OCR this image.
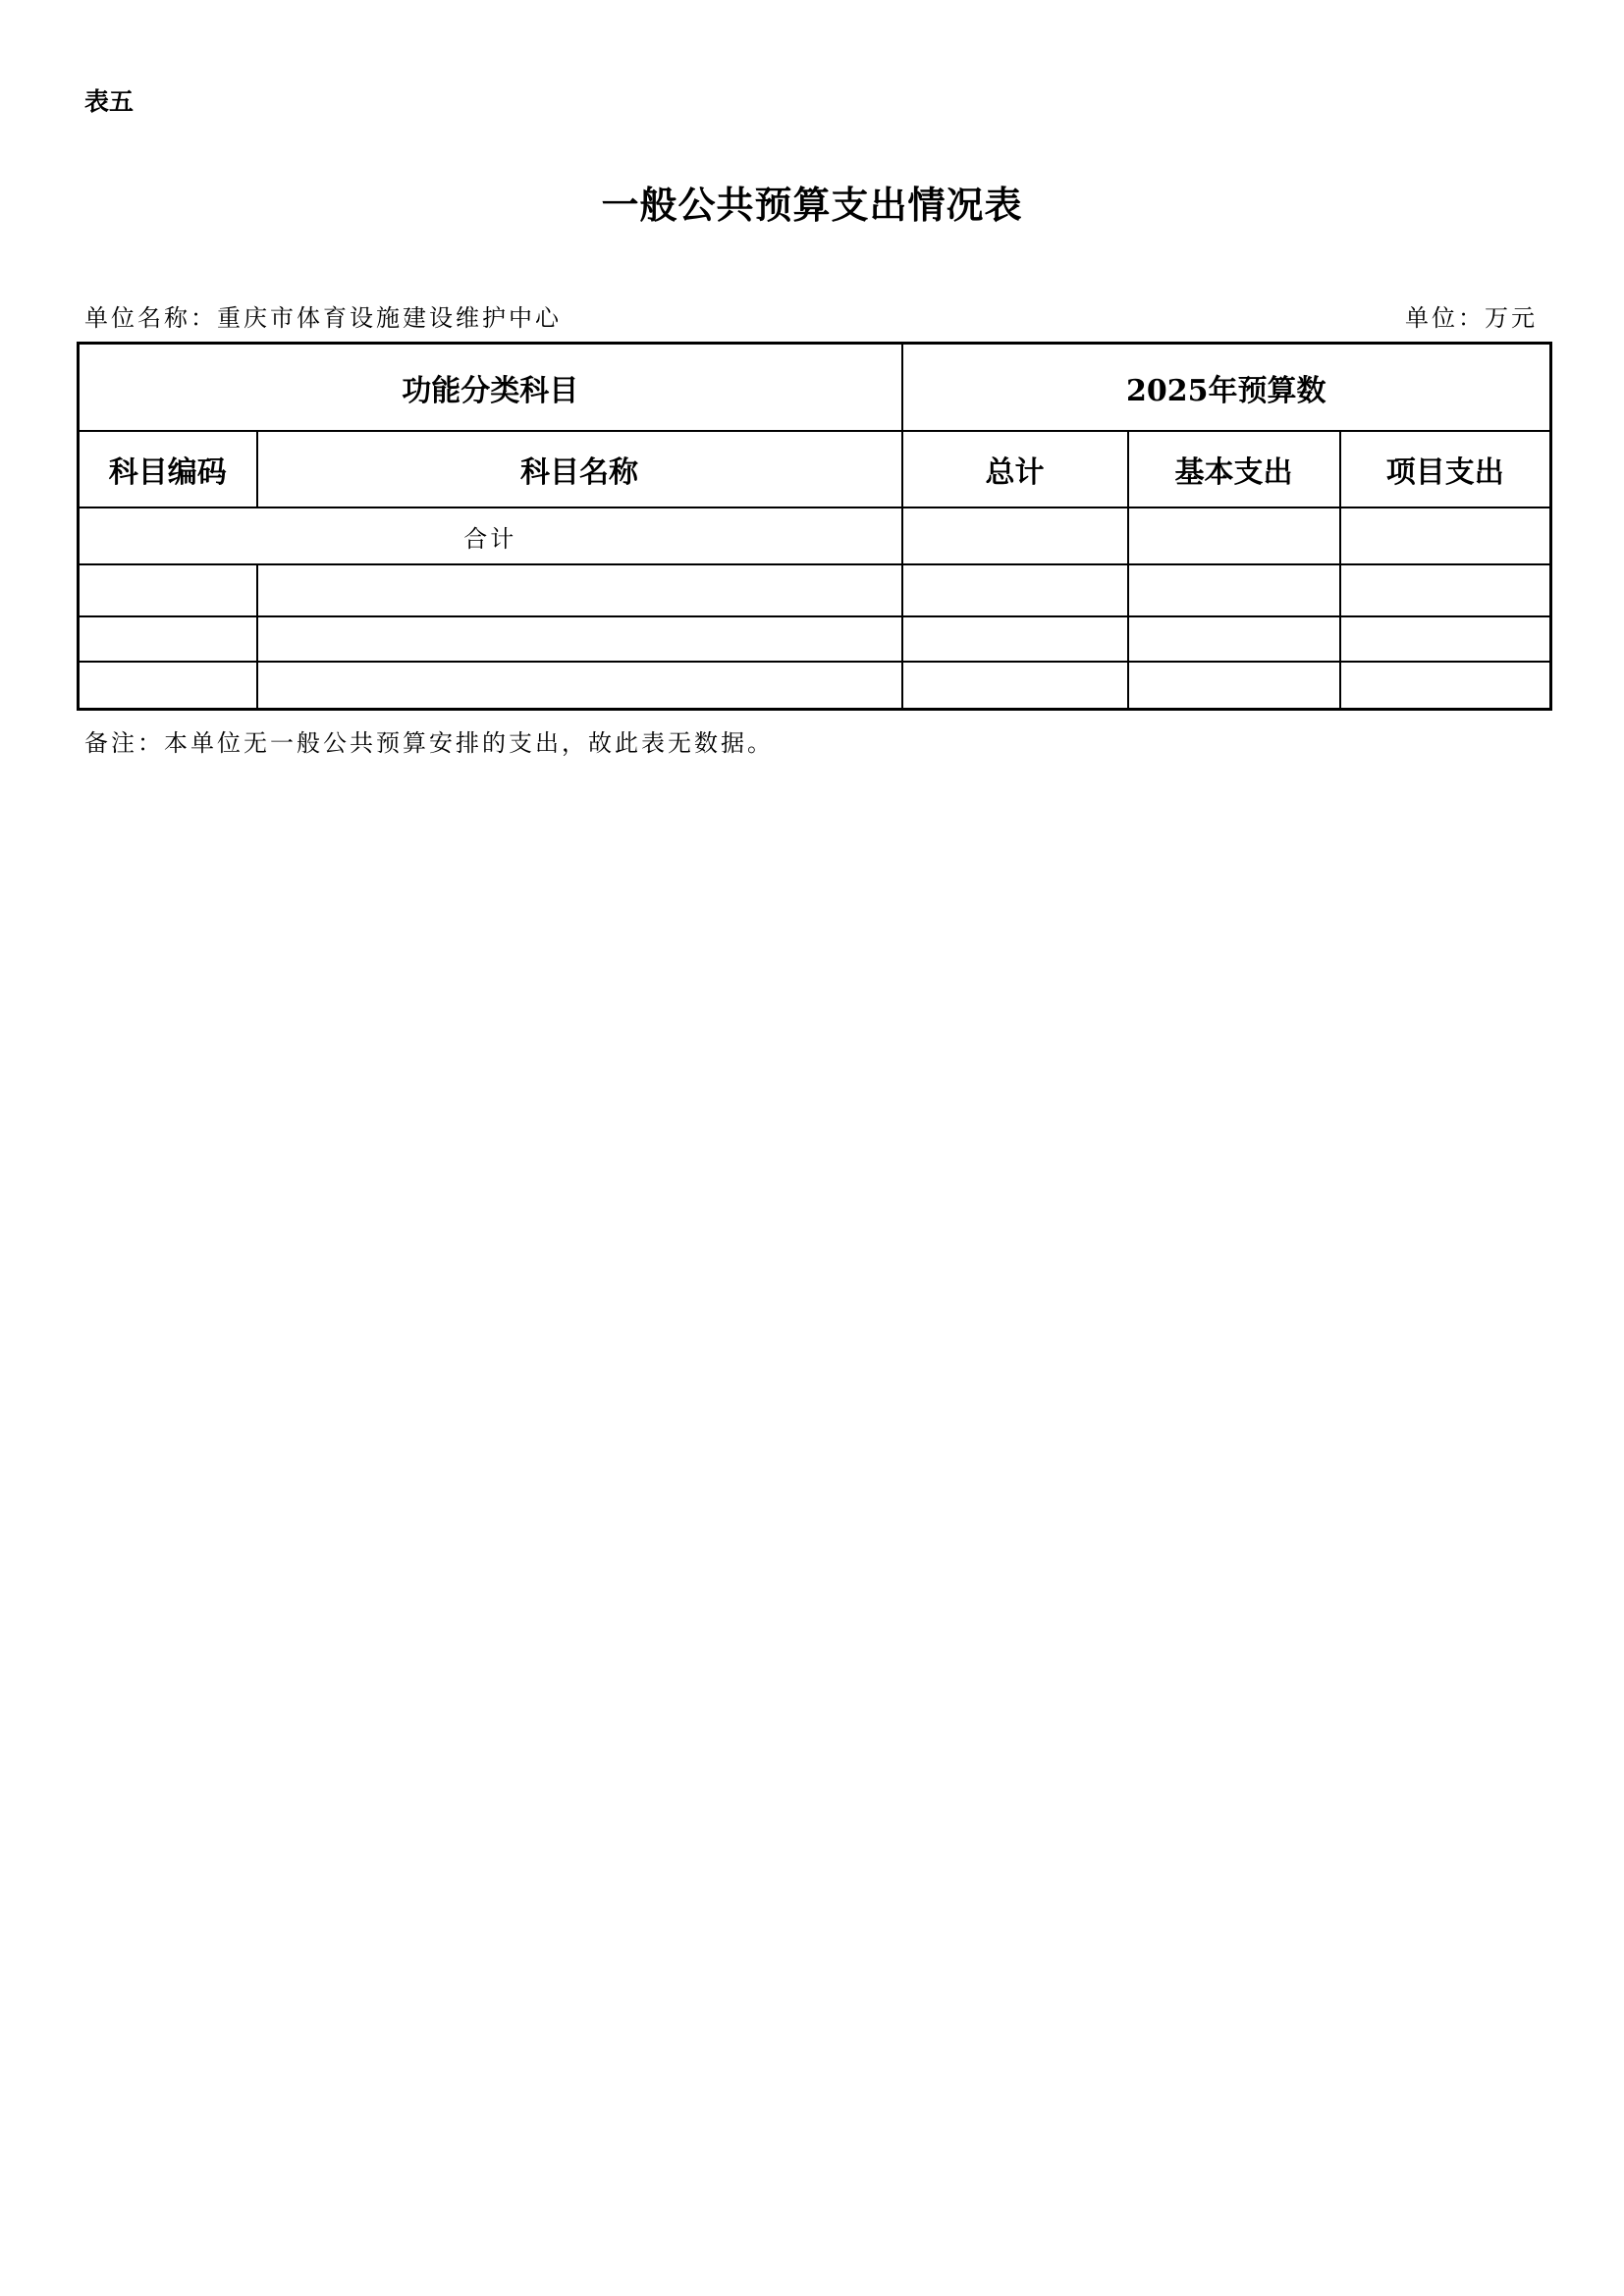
表五
一般公共预算支出情况表
单位名称：重庆市体育设施建设维护中心	单位：万元
功能分类科目		2025年预算数		
科目编码	科目名称	总计	基本支出	项目支出
合计				

备注：本单位无一般公共预算安排的支出，故此表无数据。
